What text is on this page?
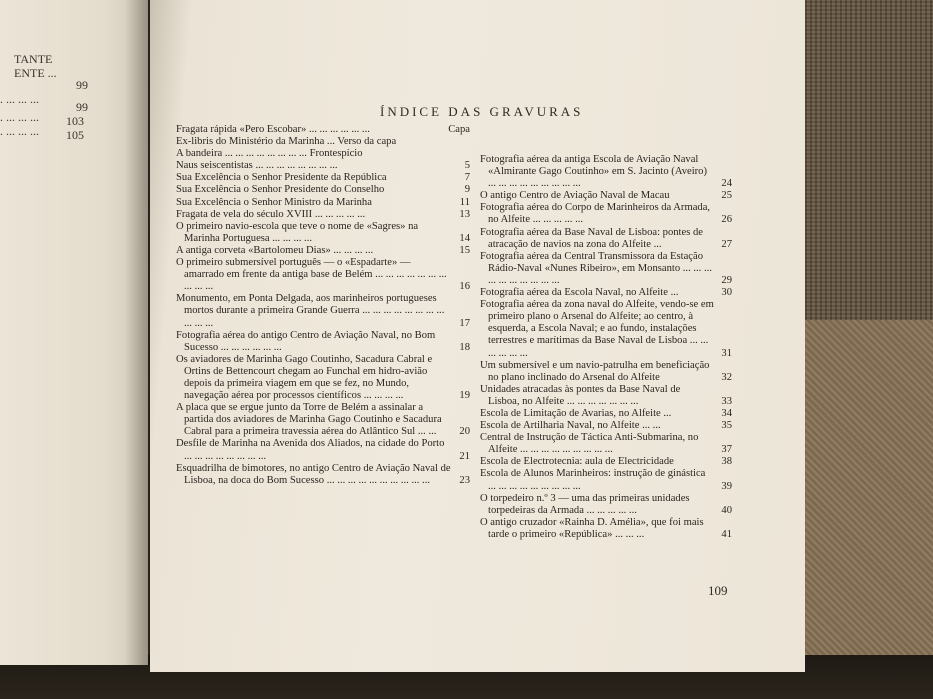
TANTE
ENTE ...
99
. ... ... ...
99
. ... ... ... 103
. ... ... ... 105
ÍNDICE DAS GRAVURAS
Fragata rápida «Pero Escobar» ... ... ... ... ... ...	Capa
Ex-libris do Ministério da Marinha ... Verso da capa
A bandeira ... ... ... ... ... ... ... ... Frontespício
Naus seiscentistas ... ... ... ... ... ... ... ...	5
Sua Excelência o Senhor Presidente da República	7
Sua Excelência o Senhor Presidente do Conselho	9
Sua Excelência o Senhor Ministro da Marinha	11
Fragata de vela do século XVIII ... ... ... ... ...	13
O primeiro navio-escola que teve o nome de «Sagres» na Marinha Portuguesa ... ... ... ...	14
A antiga corveta «Bartolomeu Dias» ... ... ... ...	15
O primeiro submersível português — o «Espadarte» — amarrado em frente da antiga base de Belém ... ... ... ... ... ... ... ... ... ...	16
Monumento, em Ponta Delgada, aos marinheiros portugueses mortos durante a primeira Grande Guerra ... ... ... ... ... ... ... ... ... ... ...	17
Fotografia aérea do antigo Centro de Aviação Naval, no Bom Sucesso ... ... ... ... ... ...	18
Os aviadores de Marinha Gago Coutinho, Sacadura Cabral e Ortins de Bettencourt chegam ao Funchal em hidro-avião depois da primeira viagem em que se fez, no Mundo, navegação aérea por processos científicos ... ... ... ...	19
A placa que se ergue junto da Torre de Belém a assinalar a partida dos aviadores de Marinha Gago Coutinho e Sacadura Cabral para a primeira travessia aérea do Atlântico Sul ... ...	20
Desfile de Marinha na Avenida dos Aliados, na cidade do Porto ... ... ... ... ... ... ... ...	21
Esquadrilha de bimotores, no antigo Centro de Aviação Naval de Lisboa, na doca do Bom Sucesso ... ... ... ... ... ... ... ... ... ...	23
Fotografia aérea da antiga Escola de Aviação Naval «Almirante Gago Coutinho» em S. Jacinto (Aveiro) ... ... ... ... ... ... ... ... ...	24
O antigo Centro de Aviação Naval de Macau	25
Fotografia aérea do Corpo de Marinheiros da Armada, no Alfeite ... ... ... ... ...	26
Fotografia aérea da Base Naval de Lisboa: pontes de atracação de navios na zona do Alfeite ...	27
Fotografia aérea da Central Transmissora da Estação Rádio-Naval «Nunes Ribeiro», em Monsanto ... ... ... ... ... ... ... ... ... ...	29
Fotografia aérea da Escola Naval, no Alfeite ...	30
Fotografia aérea da zona naval do Alfeite, vendo-se em primeiro plano o Arsenal do Alfeite; ao centro, à esquerda, a Escola Naval; e ao fundo, instalações terrestres e marítimas da Base Naval de Lisboa ... ... ... ... ... ...	31
Um submersível e um navio-patrulha em beneficiação no plano inclinado do Arsenal do Alfeite	32
Unidades atracadas às pontes da Base Naval de Lisboa, no Alfeite ... ... ... ... ... ... ...	33
Escola de Limitação de Avarias, no Alfeite ...	34
Escola de Artilharia Naval, no Alfeite ... ...	35
Central de Instrução de Táctica Anti-Submarina, no Alfeite ... ... ... ... ... ... ... ... ...	37
Escola de Electrotecnia: aula de Electricidade	38
Escola de Alunos Marinheiros: instrução de ginástica ... ... ... ... ... ... ... ... ...	39
O torpedeiro n.º 3 — uma das primeiras unidades torpedeiras da Armada ... ... ... ... ...	40
O antigo cruzador «Rainha D. Amélia», que foi mais tarde o primeiro «República» ... ... ...	41
109
